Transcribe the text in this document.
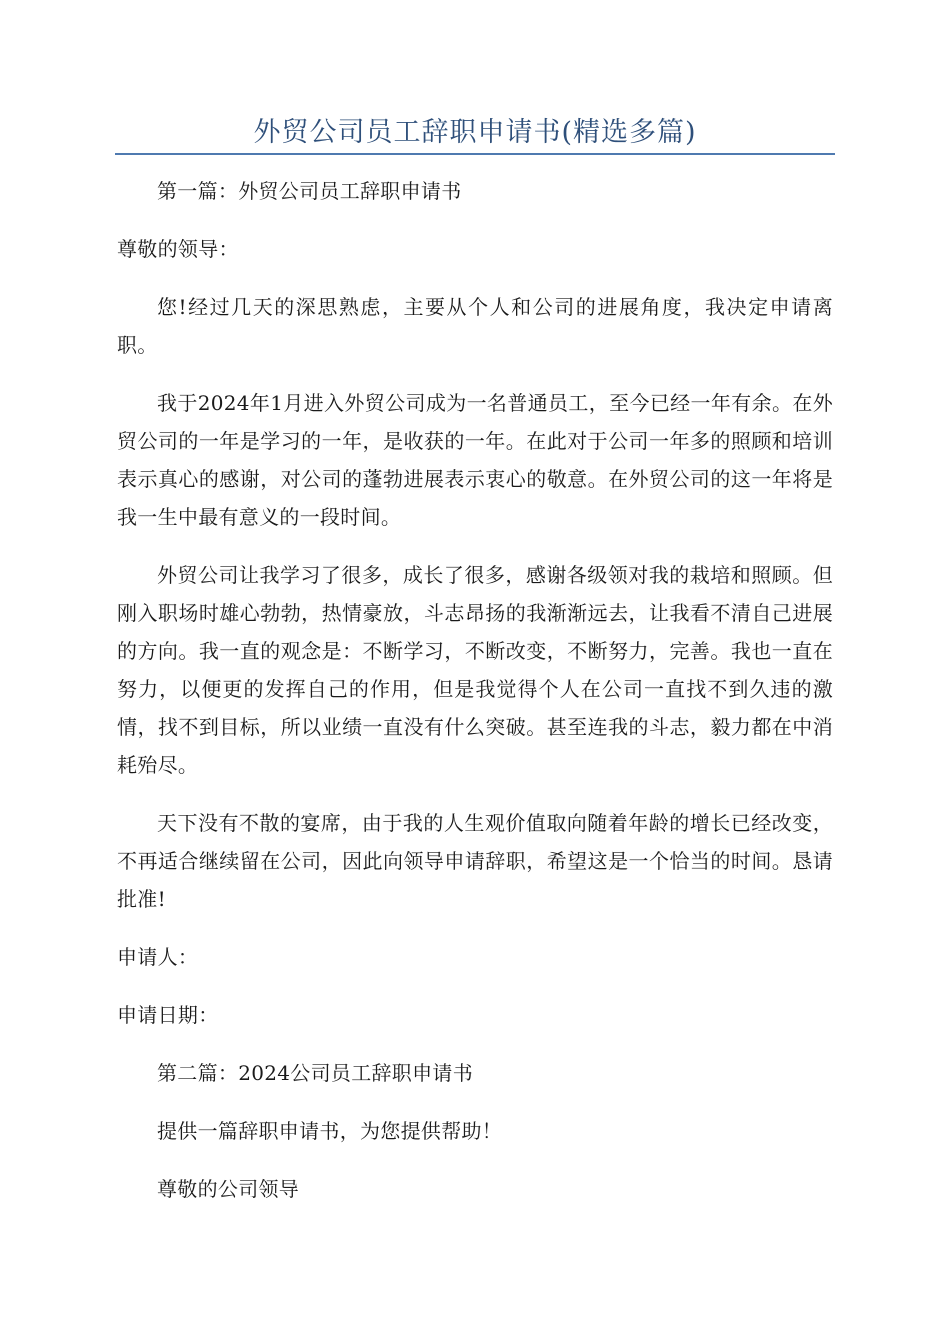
外贸公司员工辞职申请书(精选多篇)

第一篇：外贸公司员工辞职申请书

尊敬的领导：

您!经过几天的深思熟虑，主要从个人和公司的进展角度，我决定申请离职。

我于2024年1月进入外贸公司成为一名普通员工，至今已经一年有余。在外贸公司的一年是学习的一年，是收获的一年。在此对于公司一年多的照顾和培训表示真心的感谢，对公司的蓬勃进展表示衷心的敬意。在外贸公司的这一年将是我一生中最有意义的一段时间。

外贸公司让我学习了很多，成长了很多，感谢各级领对我的栽培和照顾。但刚入职场时雄心勃勃，热情豪放，斗志昂扬的我渐渐远去，让我看不清自己进展的方向。我一直的观念是：不断学习，不断改变，不断努力，完善。我也一直在努力，以便更的发挥自己的作用，但是我觉得个人在公司一直找不到久违的激情，找不到目标，所以业绩一直没有什么突破。甚至连我的斗志，毅力都在中消耗殆尽。

天下没有不散的宴席，由于我的人生观价值取向随着年龄的增长已经改变，不再适合继续留在公司，因此向领导申请辞职，希望这是一个恰当的时间。恳请批准!

申请人：

申请日期：

第二篇：2024公司员工辞职申请书

提供一篇辞职申请书，为您提供帮助！

尊敬的公司领导
